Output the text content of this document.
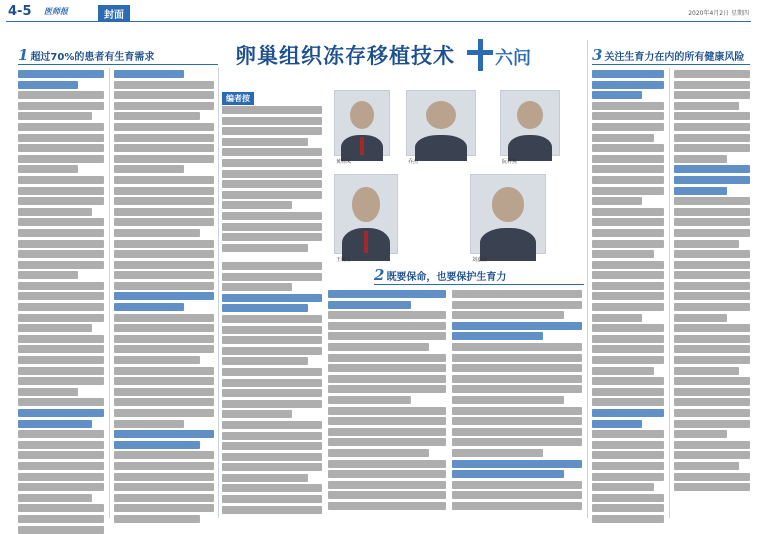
4-5 医师报	封面	2020年4月2日 星期四
卵巢组织冻存移植技术 六问
1 超过70%的患者有生育需求	3 关注生育力在内的所有健康风险
编者按
黄荷凤	乔杰	阮祥燕
王树玉	刘嘉茵
2 既要保命，也要保护生育力
